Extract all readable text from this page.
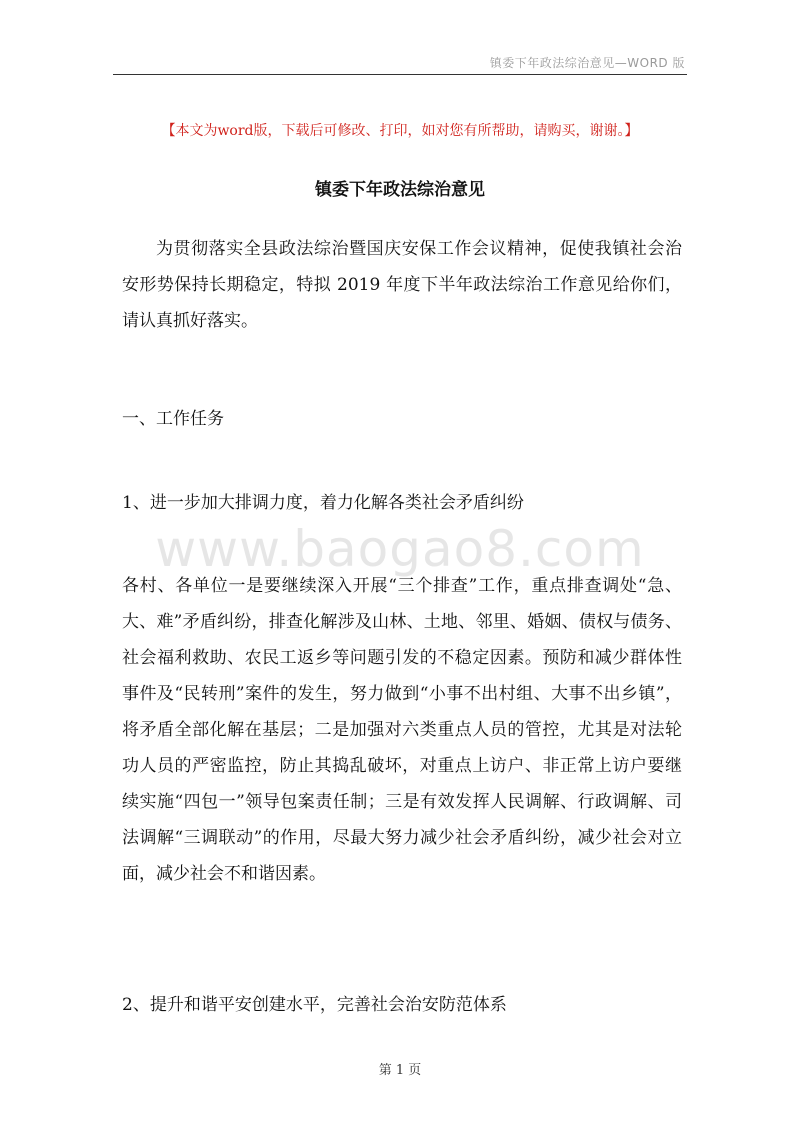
镇委下年政法综治意见—WORD 版
【本文为word版，下载后可修改、打印，如对您有所帮助，请购买，谢谢。】
镇委下年政法综治意见
为贯彻落实全县政法综治暨国庆安保工作会议精神，促使我镇社会治安形势保持长期稳定，特拟 2019 年度下半年政法综治工作意见给你们，请认真抓好落实。
一、工作任务
1、进一步加大排调力度，着力化解各类社会矛盾纠纷
www.baogao8.com
各村、各单位一是要继续深入开展“三个排查”工作，重点排查调处“急、大、难”矛盾纠纷，排查化解涉及山林、土地、邻里、婚姻、债权与债务、社会福利救助、农民工返乡等问题引发的不稳定因素。预防和减少群体性事件及“民转刑”案件的发生，努力做到“小事不出村组、大事不出乡镇”，将矛盾全部化解在基层；二是加强对六类重点人员的管控，尤其是对法轮功人员的严密监控，防止其捣乱破坏，对重点上访户、非正常上访户要继续实施“四包一”领导包案责任制；三是有效发挥人民调解、行政调解、司法调解“三调联动”的作用，尽最大努力减少社会矛盾纠纷，减少社会对立面，减少社会不和谐因素。
2、提升和谐平安创建水平，完善社会治安防范体系
第 1 页
